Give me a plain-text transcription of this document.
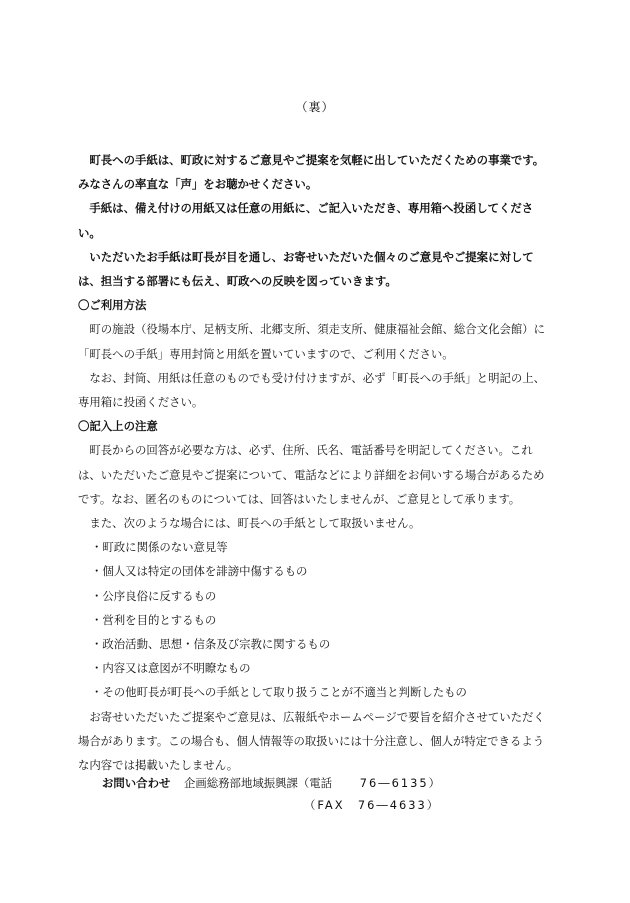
（裏）

町長への手紙は、町政に対するご意見やご提案を気軽に出していただくための事業です。みなさんの率直な「声」をお聴かせください。

手紙は、備え付けの用紙又は任意の用紙に、ご記入いただき、専用箱へ投函してください。

いただいたお手紙は町長が目を通し、お寄せいただいた個々のご意見やご提案に対しては、担当する部署にも伝え、町政への反映を図っていきます。

〇ご利用方法

町の施設（役場本庁、足柄支所、北郷支所、須走支所、健康福祉会館、総合文化会館）に「町長への手紙」専用封筒と用紙を置いていますので、ご利用ください。

なお、封筒、用紙は任意のものでも受け付けますが、必ず「町長への手紙」と明記の上、専用箱に投函ください。

〇記入上の注意

町長からの回答が必要な方は、必ず、住所、氏名、電話番号を明記してください。これは、いただいたご意見やご提案について、電話などにより詳細をお伺いする場合があるためです。なお、匿名のものについては、回答はいたしませんが、ご意見として承ります。

また、次のような場合には、町長への手紙として取扱いません。

・町政に関係のない意見等
・個人又は特定の団体を誹謗中傷するもの
・公序良俗に反するもの
・営利を目的とするもの
・政治活動、思想・信条及び宗教に関するもの
・内容又は意図が不明瞭なもの
・その他町長が町長への手紙として取り扱うことが不適当と判断したもの

お寄せいただいたご提案やご意見は、広報紙やホームページで要旨を紹介させていただく場合があります。この場合も、個人情報等の取扱いには十分注意し、個人が特定できるような内容では掲載いたしません。

お問い合わせ 企画総務部地域振興課（電話 76―6135）
（FAX　76―4633）
